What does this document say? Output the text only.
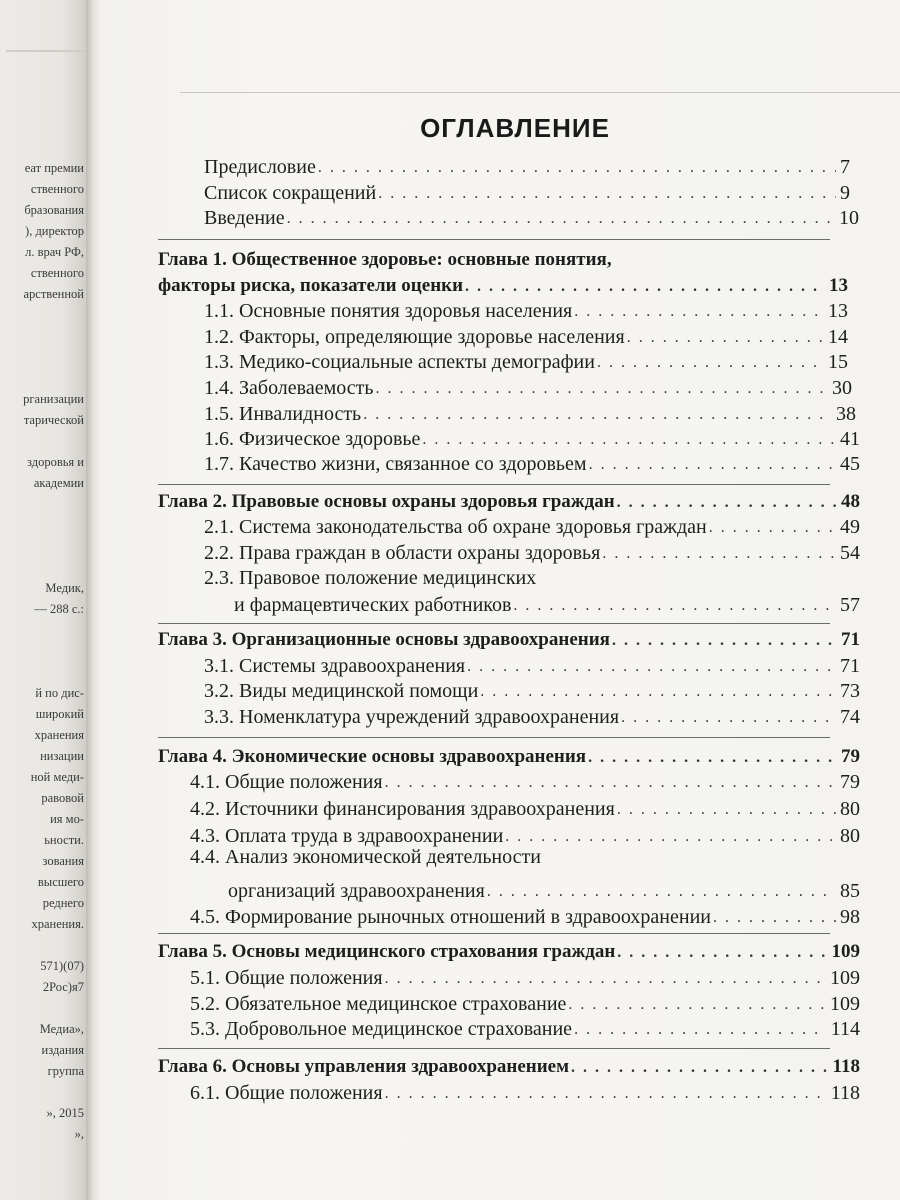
еат премии
ственного
бразования
), директор
л. врач РФ,
ственного
арственной
рганизации
тарической
здоровья и
академии
Медик,
— 288 с.:
й по дис-
широкий
хранения
низации
ной меди-
равовой
ия мо-
ьности.
зования
высшего
реднего
хранения.
571)(07)
2Рос)я7
Медиа»,
издания
группа
», 2015
»,
ОГЛАВЛЕНИЕ
Предисловие . . .	7
Список сокращений . . .	9
Введение . . .	10
Глава 1. Общественное здоровье: основные понятия,
факторы риска, показатели оценки . . .	13
1.1. Основные понятия здоровья населения . . .	13
1.2. Факторы, определяющие здоровье населения . . .	14
1.3. Медико-социальные аспекты демографии . . .	15
1.4. Заболеваемость . . .	30
1.5. Инвалидность . . .	38
1.6. Физическое здоровье . . .	41
1.7. Качество жизни, связанное со здоровьем . . .	45
Глава 2. Правовые основы охраны здоровья граждан . . .	48
2.1. Система законодательства об охране здоровья граждан . . .	49
2.2. Права граждан в области охраны здоровья . . .	54
2.3. Правовое положение медицинских
и фармацевтических работников . . .	57
Глава 3. Организационные основы здравоохранения . . .	71
3.1. Системы здравоохранения . . .	71
3.2. Виды медицинской помощи . . .	73
3.3. Номенклатура учреждений здравоохранения . . .	74
Глава 4. Экономические основы здравоохранения . . .	79
4.1. Общие положения . . .	79
4.2. Источники финансирования здравоохранения . . .	80
4.3. Оплата труда в здравоохранении . . .	80
4.4. Анализ экономической деятельности
организаций здравоохранения . . .	85
4.5. Формирование рыночных отношений в здравоохранении . . .	98
Глава 5. Основы медицинского страхования граждан . . .	109
5.1. Общие положения . . .	109
5.2. Обязательное медицинское страхование . . .	109
5.3. Добровольное медицинское страхование . . .	114
Глава 6. Основы управления здравоохранением . . .	118
6.1. Общие положения . . .	118
